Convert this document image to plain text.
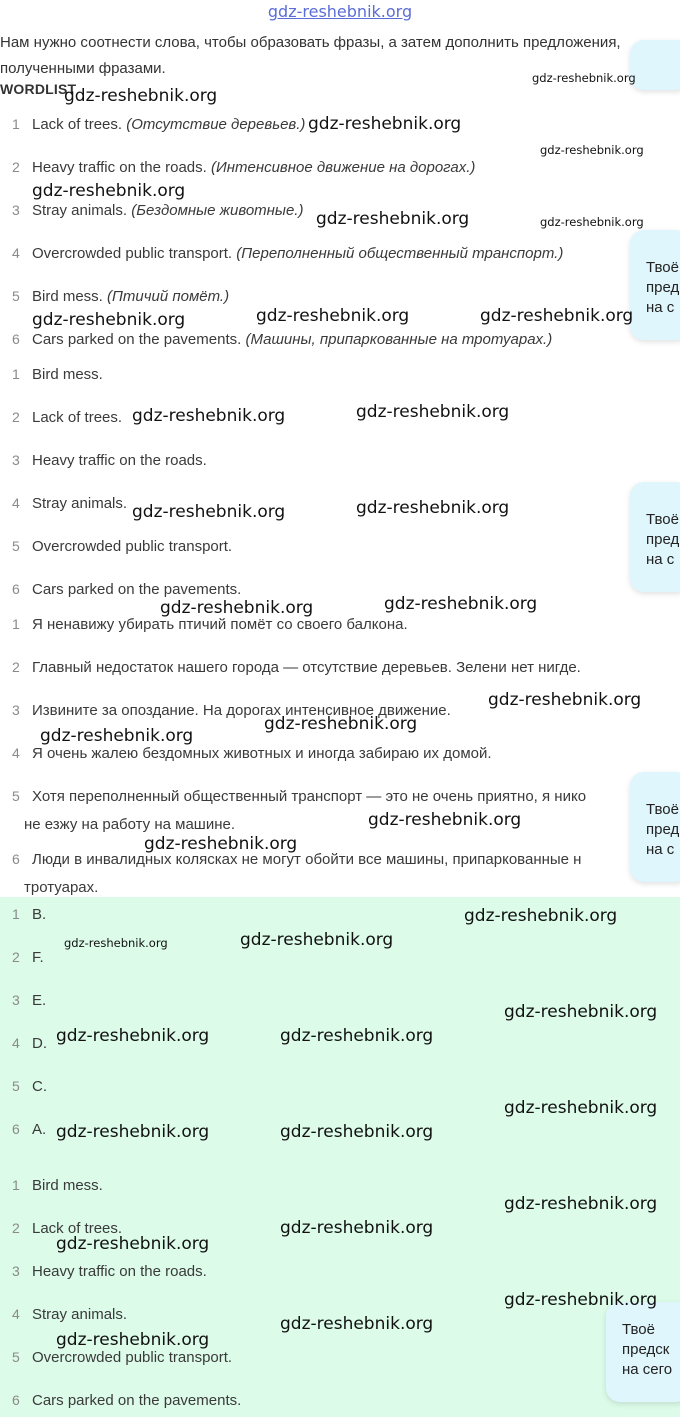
gdz-reshebnik.org
Нам нужно соотнести слова, чтобы образовать фразы, а затем дополнить предложения, полученными фразами.
WORDLIST
1 Lack of trees. (Отсутствие деревьев.)
2 Heavy traffic on the roads. (Интенсивное движение на дорогах.)
3 Stray animals. (Бездомные животные.)
4 Overcrowded public transport. (Переполненный общественный транспорт.)
5 Bird mess. (Птичий помёт.)
6 Cars parked on the pavements. (Машины, припаркованные на тротуарах.)
1 Bird mess.
2 Lack of trees.
3 Heavy traffic on the roads.
4 Stray animals.
5 Overcrowded public transport.
6 Cars parked on the pavements.
1 Я ненавижу убирать птичий помёт со своего балкона.
2 Главный недостаток нашего города — отсутствие деревьев. Зелени нет нигде.
3 Извините за опоздание. На дорогах интенсивное движение.
4 Я очень жалею бездомных животных и иногда забираю их домой.
5 Хотя переполненный общественный транспорт — это не очень приятно, я нико
не езжу на работу на машине.
6 Люди в инвалидных колясках не могут обойти все машины, припаркованные н
тротуарах.
1 B.
2 F.
3 E.
4 D.
5 C.
6 A.
1 Bird mess.
2 Lack of trees.
3 Heavy traffic on the roads.
4 Stray animals.
5 Overcrowded public transport.
6 Cars parked on the pavements.
Твоё
пред
на с
Твоё
пред
на с
Твоё
пред
на с
Твоё
предск
на сего
gdz-reshebnik.org
gdz-reshebnik.org
gdz-reshebnik.org
gdz-reshebnik.org
gdz-reshebnik.org
gdz-reshebnik.org	gdz-reshebnik.org
gdz-reshebnik.org	gdz-reshebnik.org
gdz-reshebnik.org
gdz-reshebnik.org
gdz-reshebnik.org
gdz-reshebnik.org
gdz-reshebnik.org
gdz-reshebnik.org
gdz-reshebnik.org
gdz-reshebnik.org
gdz-reshebnik.org
gdz-reshebnik.org
gdz-reshebnik.org
gdz-reshebnik.org
gdz-reshebnik.org
gdz-reshebnik.org
gdz-reshebnik.org
gdz-reshebnik.org
gdz-reshebnik.org	gdz-reshebnik.org
gdz-reshebnik.org
gdz-reshebnik.org	gdz-reshebnik.org
gdz-reshebnik.org
gdz-reshebnik.org
gdz-reshebnik.org
gdz-reshebnik.org
gdz-reshebnik.org
gdz-reshebnik.org
